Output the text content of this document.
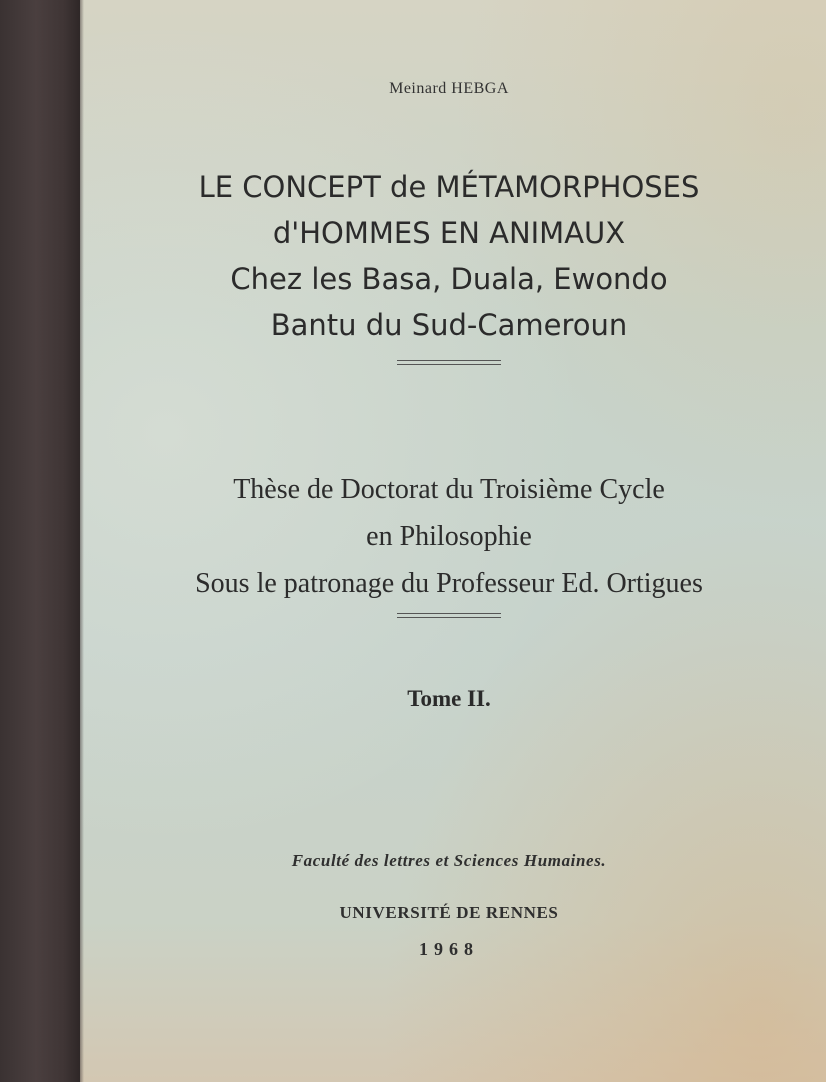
Meinard HEBGA
LE CONCEPT de MÉTAMORPHOSES
d'HOMMES EN ANIMAUX
Chez les Basa, Duala, Ewondo
Bantu du Sud-Cameroun
Thèse de Doctorat du Troisième Cycle
en Philosophie
Sous le patronage du Professeur Ed. Ortigues
Tome II.
Faculté des lettres et Sciences Humaines.
UNIVERSITÉ DE RENNES
1968
